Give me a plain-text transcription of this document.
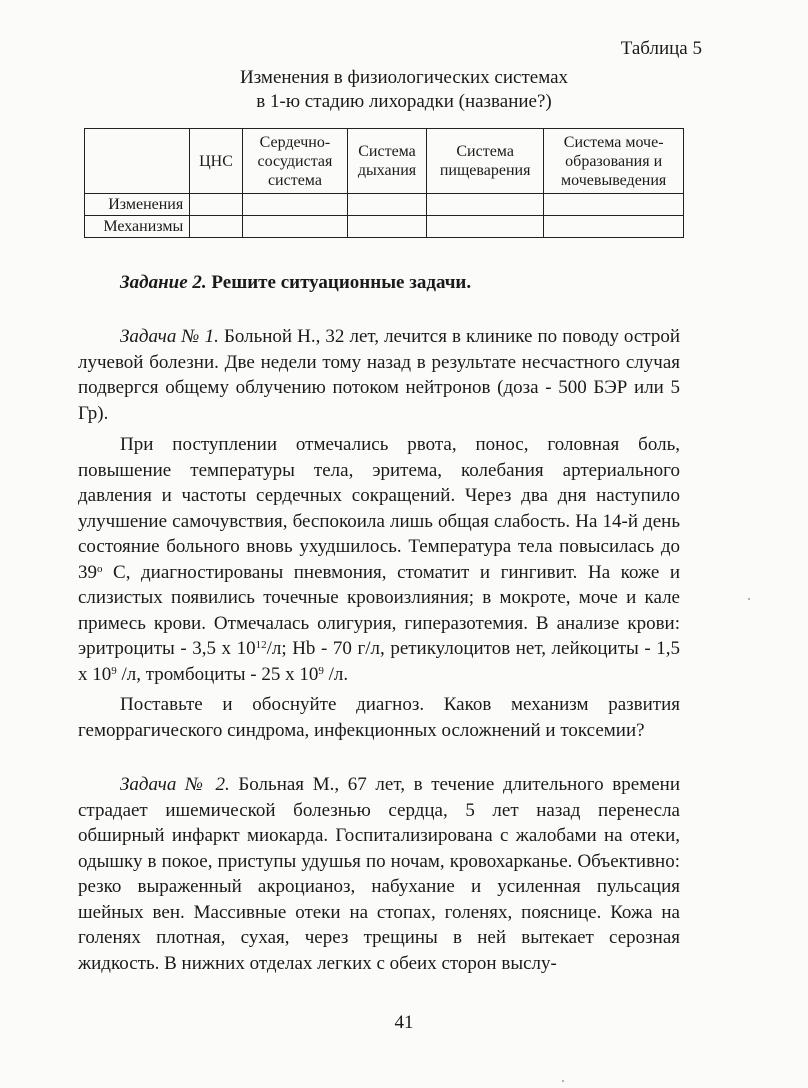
Таблица 5
Изменения в физиологических системах
в 1-ю стадию лихорадки (название?)
	ЦНС	Сердечно-сосудистая система	Система дыхания	Система пищеварения	Система моче-образования и мочевыведения
Изменения					
Механизмы					
Задание 2. Решите ситуационные задачи.

Задача № 1. Больной Н., 32 лет, лечится в клинике по поводу острой лучевой болезни. Две недели тому назад в результате несчастного случая подвергся общему облучению потоком нейтронов (доза - 500 БЭР или 5 Гр).

При поступлении отмечались рвота, понос, головная боль, повышение температуры тела, эритема, колебания артериального давления и частоты сердечных сокращений. Через два дня наступило улучшение самочувствия, беспокоила лишь общая слабость. На 14-й день состояние больного вновь ухудшилось. Температура тела повысилась до $39^о$ С, диагностированы пневмония, стоматит и гингивит. На коже и слизистых появились точечные кровоизлияния; в мокроте, моче и кале примесь крови. Отмечалась олигурия, гиперазотемия. В анализе крови: эритроциты - 3,5 х $10^{12}/л$; Hb - 70 г/л, ретикулоцитов нет, лейкоциты - 1,5 х $10^9$ /л, тромбоциты - 25 х $10^9$ /л.

Поставьте и обоснуйте диагноз. Каков механизм развития геморрагического синдрома, инфекционных осложнений и токсемии?

Задача № 2. Больная М., 67 лет, в течение длительного времени страдает ишемической болезнью сердца, 5 лет назад перенесла обширный инфаркт миокарда. Госпитализирована с жалобами на отеки, одышку в покое, приступы удушья по ночам, кровохарканье. Объективно: резко выраженный акроцианоз, набухание и усиленная пульсация шейных вен. Массивные отеки на стопах, голенях, пояснице. Кожа на голенях плотная, сухая, через трещины в ней вытекает серозная жидкость. В нижних отделах легких с обеих сторон выслу-

41
